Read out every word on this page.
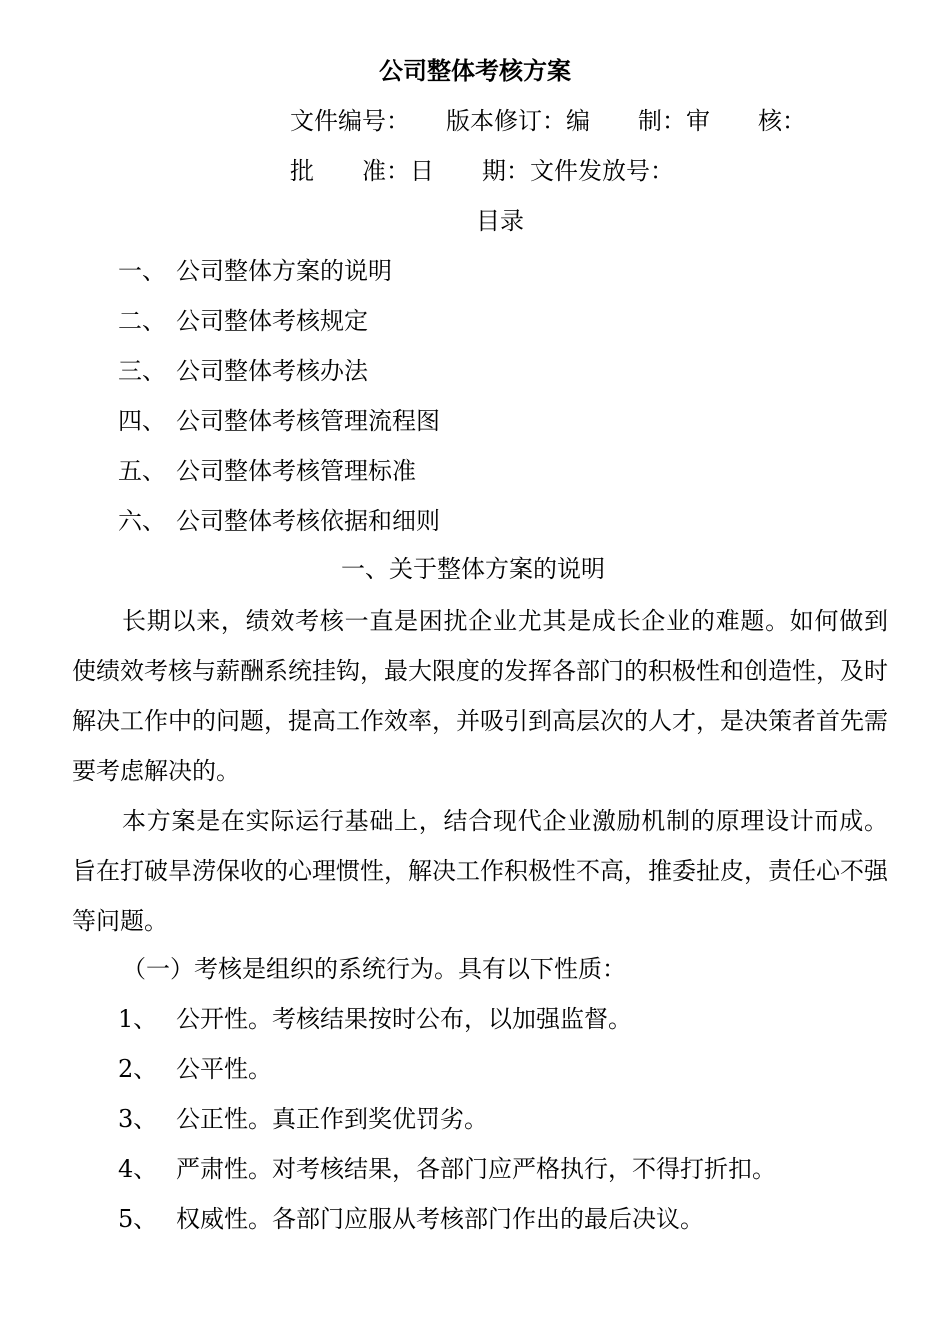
公司整体考核方案
文件编号：　　版本修订：编　　制：审　　核：
批　　准：日　　期：文件发放号：
目录
一、 公司整体方案的说明
二、 公司整体考核规定
三、 公司整体考核办法
四、 公司整体考核管理流程图
五、 公司整体考核管理标准
六、 公司整体考核依据和细则
一、关于整体方案的说明
长期以来，绩效考核一直是困扰企业尤其是成长企业的难题。如何做到使绩效考核与薪酬系统挂钩，最大限度的发挥各部门的积极性和创造性，及时解决工作中的问题，提高工作效率，并吸引到高层次的人才，是决策者首先需要考虑解决的。
本方案是在实际运行基础上，结合现代企业激励机制的原理设计而成。旨在打破旱涝保收的心理惯性，解决工作积极性不高，推委扯皮，责任心不强等问题。
（一）考核是组织的系统行为。具有以下性质：
1、 公开性。考核结果按时公布，以加强监督。
2、 公平性。
3、 公正性。真正作到奖优罚劣。
4、 严肃性。对考核结果，各部门应严格执行，不得打折扣。
5、 权威性。各部门应服从考核部门作出的最后决议。
